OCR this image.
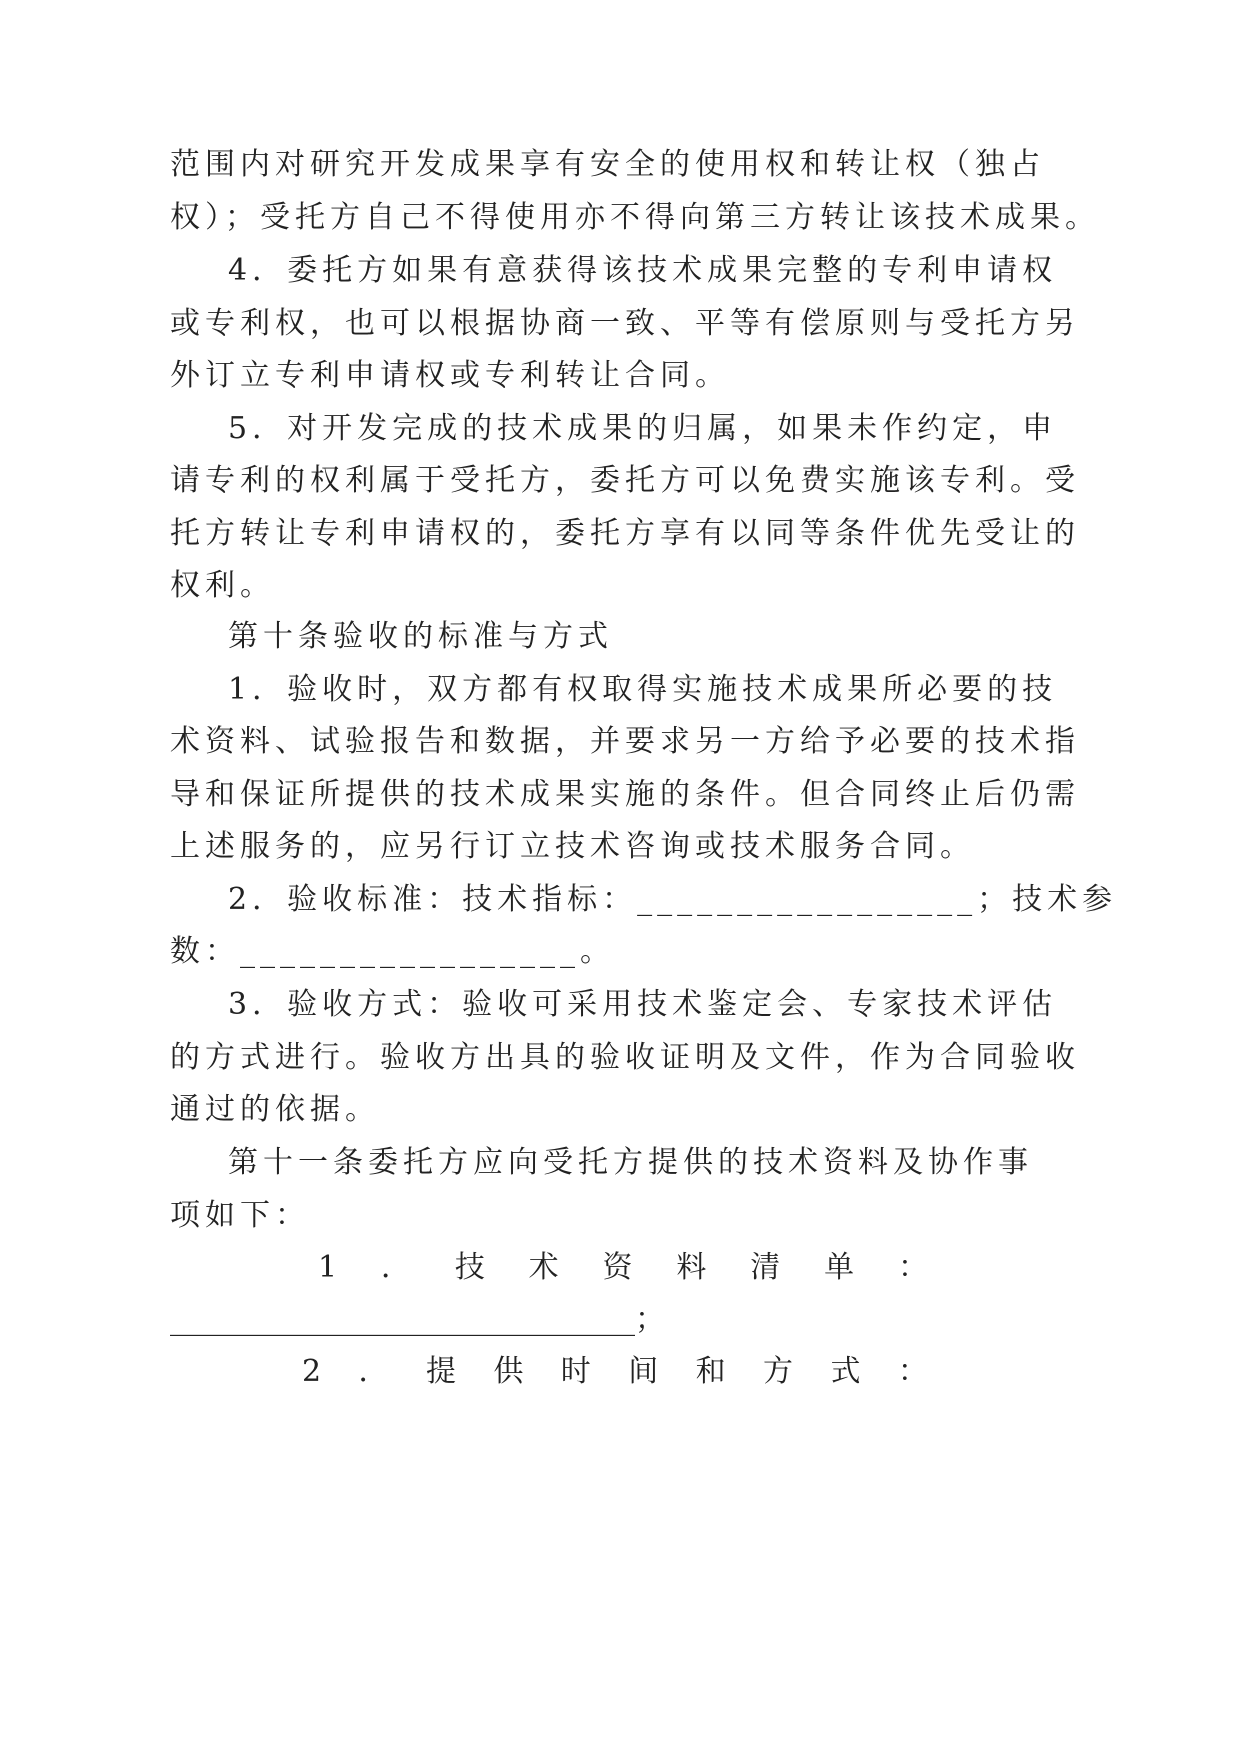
范围内对研究开发成果享有安全的使用权和转让权（独占
权）；受托方自己不得使用亦不得向第三方转让该技术成果。
4．委托方如果有意获得该技术成果完整的专利申请权
或专利权，也可以根据协商一致、平等有偿原则与受托方另
外订立专利申请权或专利转让合同。
5．对开发完成的技术成果的归属，如果未作约定，申
请专利的权利属于受托方，委托方可以免费实施该专利。受
托方转让专利申请权的，委托方享有以同等条件优先受让的
权利。
第十条验收的标准与方式
1．验收时，双方都有权取得实施技术成果所必要的技
术资料、试验报告和数据，并要求另一方给予必要的技术指
导和保证所提供的技术成果实施的条件。但合同终止后仍需
上述服务的，应另行订立技术咨询或技术服务合同。
2．验收标准：技术指标：_________________；技术参
数：_________________。
3．验收方式：验收可采用技术鉴定会、专家技术评估
的方式进行。验收方出具的验收证明及文件，作为合同验收
通过的依据。
第十一条委托方应向受托方提供的技术资料及协作事
项如下：
1 ． 技 术 资 料 清 单 ：
_______________________________；
2 ． 提 供 时 间 和 方 式 ：
